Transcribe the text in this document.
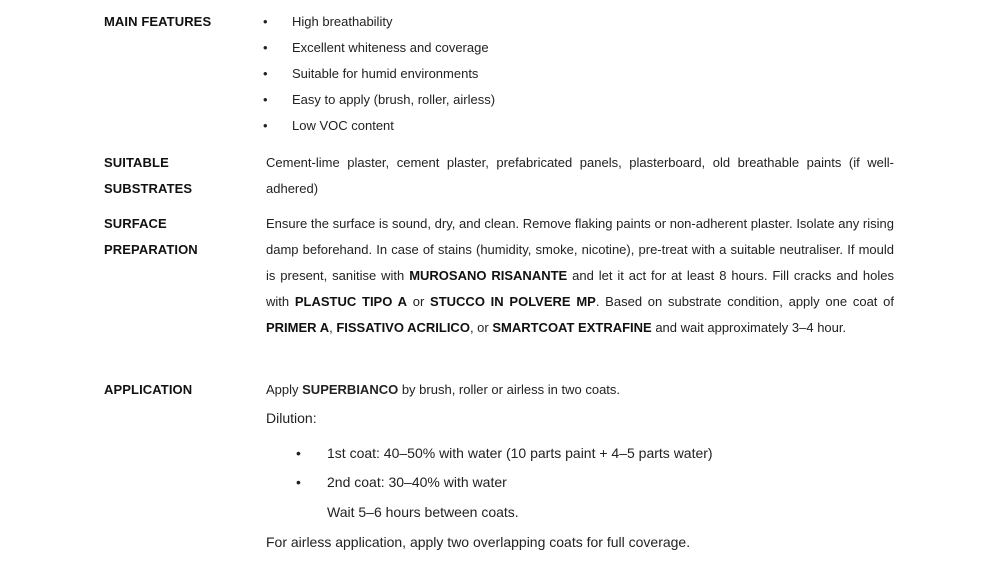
MAIN FEATURES
•	High breathability
• Excellent whiteness and coverage
• Suitable for humid environments
• Easy to apply (brush, roller, airless)
• Low VOC content
SUITABLE
SUBSTRATES
Cement-lime plaster, cement plaster, prefabricated panels, plasterboard, old breathable paints (if well-adhered)
SURFACE
PREPARATION
Ensure the surface is sound, dry, and clean. Remove flaking paints or non-adherent plaster. Isolate any rising damp beforehand. In case of stains (humidity, smoke, nicotine), pre-treat with a suitable neutraliser. If mould is present, sanitise with MUROSANO RISANANTE and let it act for at least 8 hours. Fill cracks and holes with PLASTUC TIPO A or STUCCO IN POLVERE MP. Based on substrate condition, apply one coat of PRIMER A, FISSATIVO ACRILICO, or SMARTCOAT EXTRAFINE and wait approximately 3–4 hour.
APPLICATION	Apply SUPERBIANCO by brush, roller or airless in two coats.

Dilution:

• 1st coat: 40–50% with water (10 parts paint + 4–5 parts water)
• 2nd coat: 30–40% with water

Wait 5–6 hours between coats.

For airless application, apply two overlapping coats for full coverage.
